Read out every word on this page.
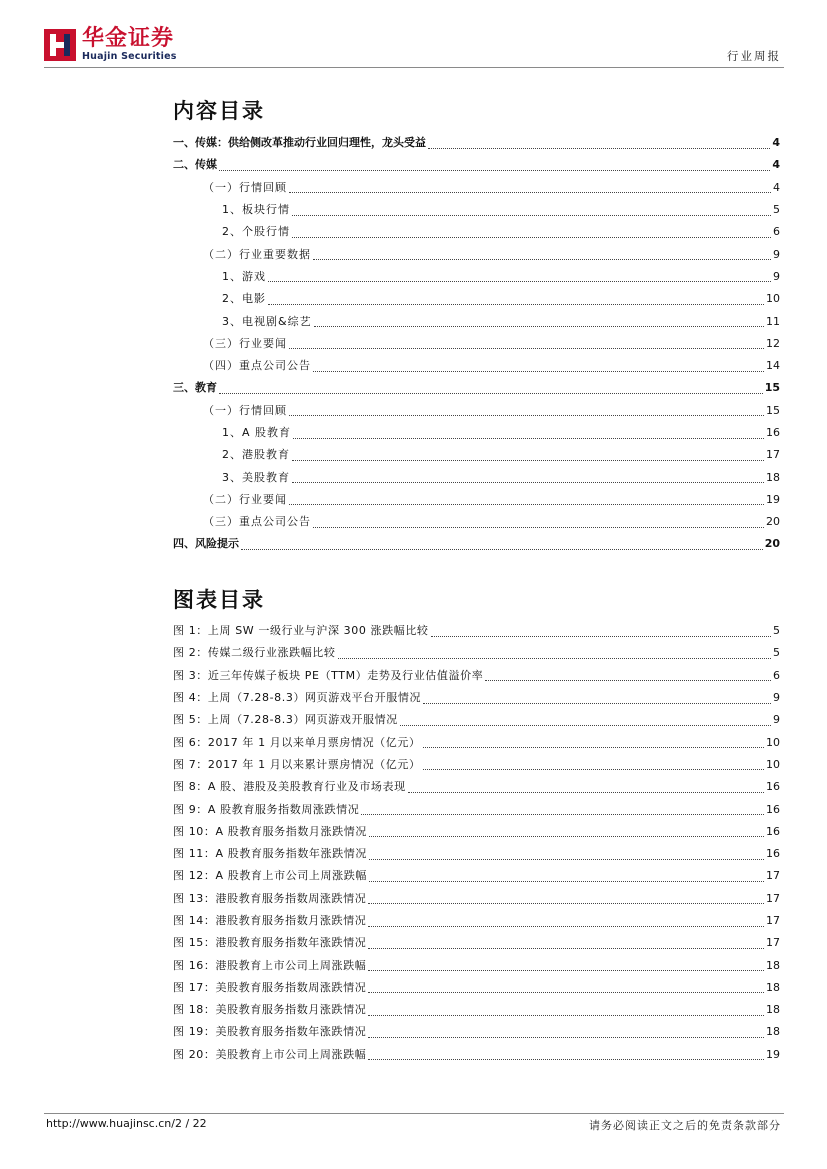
华金证券
Huajin Securities	行业周报
内容目录
一、传媒：供给侧改革推动行业回归理性，龙头受益	4
二、传媒	4
（一）行情回顾	4
1、板块行情	5
2、个股行情	6
（二）行业重要数据	9
1、游戏	9
2、电影	10
3、电视剧&综艺	11
（三）行业要闻	12
（四）重点公司公告	14
三、教育	15
（一）行情回顾	15
1、A 股教育	16
2、港股教育	17
3、美股教育	18
（二）行业要闻	19
（三）重点公司公告	20
四、风险提示	20
图表目录
图 1：上周 SW 一级行业与沪深 300 涨跌幅比较	5
图 2：传媒二级行业涨跌幅比较	5
图 3：近三年传媒子板块 PE（TTM）走势及行业估值溢价率	6
图 4：上周（7.28-8.3）网页游戏平台开服情况	9
图 5：上周（7.28-8.3）网页游戏开服情况	9
图 6：2017 年 1 月以来单月票房情况（亿元）	10
图 7：2017 年 1 月以来累计票房情况（亿元）	10
图 8：A 股、港股及美股教育行业及市场表现	16
图 9：A 股教育服务指数周涨跌情况	16
图 10：A 股教育服务指数月涨跌情况	16
图 11：A 股教育服务指数年涨跌情况	16
图 12：A 股教育上市公司上周涨跌幅	17
图 13：港股教育服务指数周涨跌情况	17
图 14：港股教育服务指数月涨跌情况	17
图 15：港股教育服务指数年涨跌情况	17
图 16：港股教育上市公司上周涨跌幅	18
图 17：美股教育服务指数周涨跌情况	18
图 18：美股教育服务指数月涨跌情况	18
图 19：美股教育服务指数年涨跌情况	18
图 20：美股教育上市公司上周涨跌幅	19
http://www.huajinsc.cn/2 / 22	请务必阅读正文之后的免责条款部分
